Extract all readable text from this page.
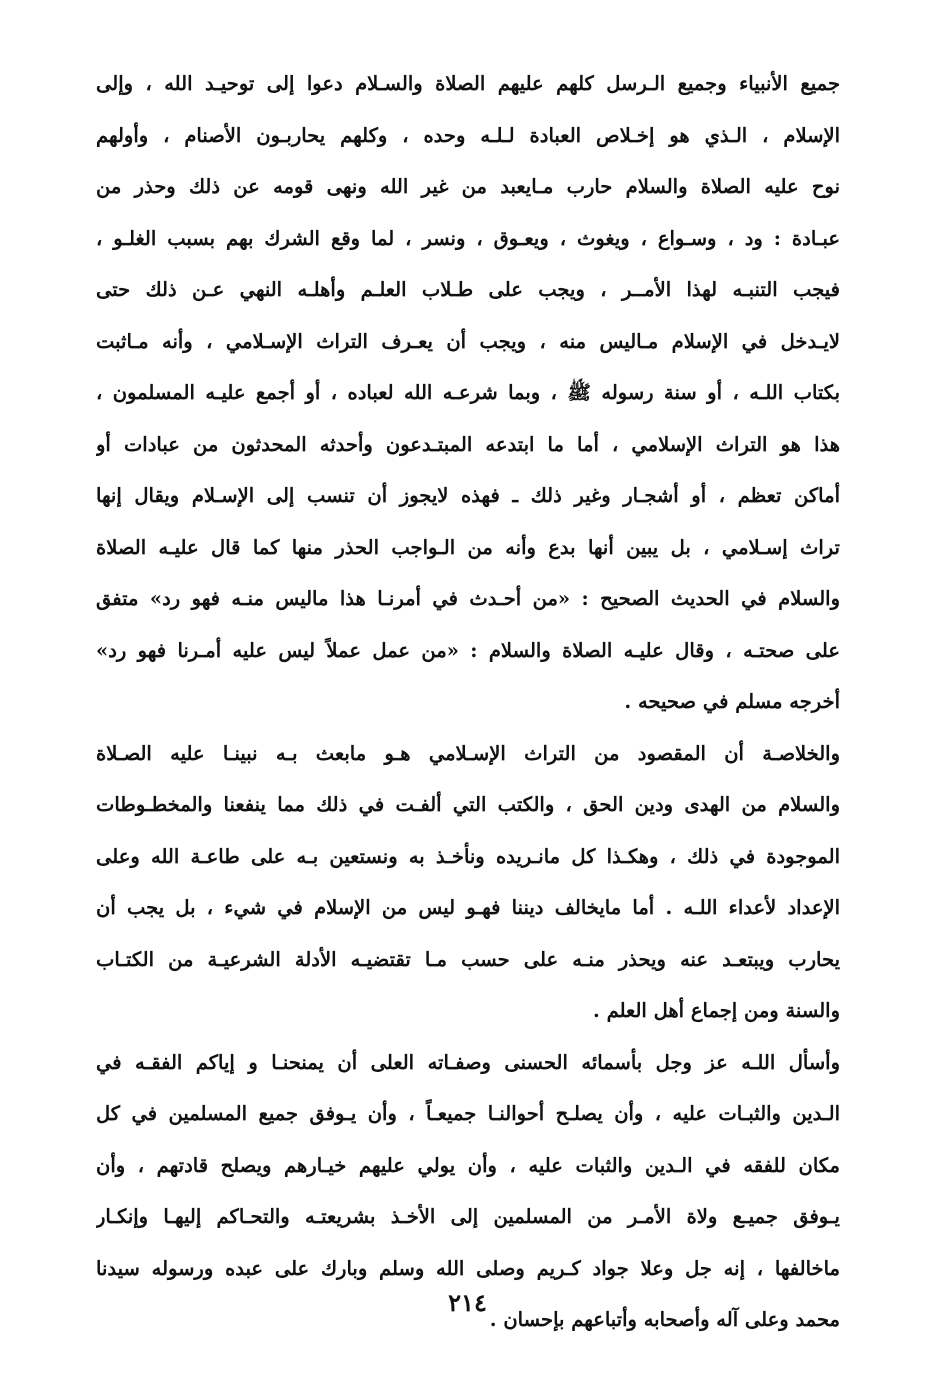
جميع الأنبياء وجميع الـرسل كلهم عليهم الصلاة والسـلام دعوا إلى توحيـد الله ، وإلى
الإسلام ، الـذي هو إخـلاص العبادة لـلـه وحده ، وكلهم يحاربـون الأصنام ، وأولهم
نوح عليه الصلاة والسلام حارب مـايعبد من غير الله ونهى قومه عن ذلك وحذر من
عبـادة : ود ، وسـواع ، ويغوث ، ويعـوق ، ونسر ، لما وقع الشرك بهم بسبب الغلـو ،
فيجب التنبـه لهذا الأمــر ، ويجب على طـلاب العلـم وأهلـه النهي عـن ذلك حتى
لايـدخل في الإسلام مـاليس منه ، ويجب أن يعـرف التراث الإسـلامي ، وأنه مـاثبت
بكتاب اللـه ، أو سنة رسوله ﷺ ، وبما شرعـه الله لعباده ، أو أجمع عليـه المسلمون ،
هذا هو التراث الإسلامي ، أما ما ابتدعه المبتـدعون وأحدثه المحدثون من عبادات أو
أماكن تعظم ، أو أشجـار وغير ذلك ـ فهذه لايجوز أن تنسب إلى الإسـلام ويقال إنها
تراث إسـلامي ، بل يبين أنها بدع وأنه من الـواجب الحذر منها كما قال عليـه الصلاة
والسلام في الحديث الصحيح : «من أحـدث في أمرنـا هذا ماليس منـه فهو رد» متفق
على صحتـه ، وقال عليـه الصلاة والسلام : «من عمل عملاً ليس عليه أمـرنا فهو رد»
أخرجه مسلم في صحيحه .
والخلاصـة أن المقصود من التراث الإسـلامي هـو مابعث بـه نبينـا عليه الصـلاة
والسلام من الهدى ودين الحق ، والكتب التي ألفـت في ذلك مما ينفعنا والمخطـوطات
الموجودة في ذلك ، وهكـذا كل مانـريده ونأخـذ به ونستعين بـه على طاعـة الله وعلى
الإعداد لأعداء اللـه . أما مايخالف ديننا فهـو ليس من الإسلام في شيء ، بل يجب أن
يحارب ويبتعـد عنه ويحذر منـه على حسب مـا تقتضيـه الأدلة الشرعيـة من الكتـاب
والسنة ومن إجماع أهل العلم .
وأسأل اللـه عز وجل بأسمائه الحسنى وصفـاته العلى أن يمنحنـا و إياكم الفقـه في
الـدين والثبـات عليه ، وأن يصلـح أحوالنـا جميعـاً ، وأن يـوفق جميع المسلمين في كل
مكان للفقه في الـدين والثبات عليه ، وأن يولي عليهم خيـارهم ويصلح قادتهم ، وأن
يـوفق جميـع ولاة الأمـر من المسلمين إلى الأخـذ بشريعتـه والتحـاكم إليهـا وإنكـار
ماخالفها ، إنه جل وعلا جواد كـريم وصلى الله وسلم وبارك على عبده ورسوله سيدنا
محمد وعلى آله وأصحابه وأتباعهم بإحسان .
٢١٤
